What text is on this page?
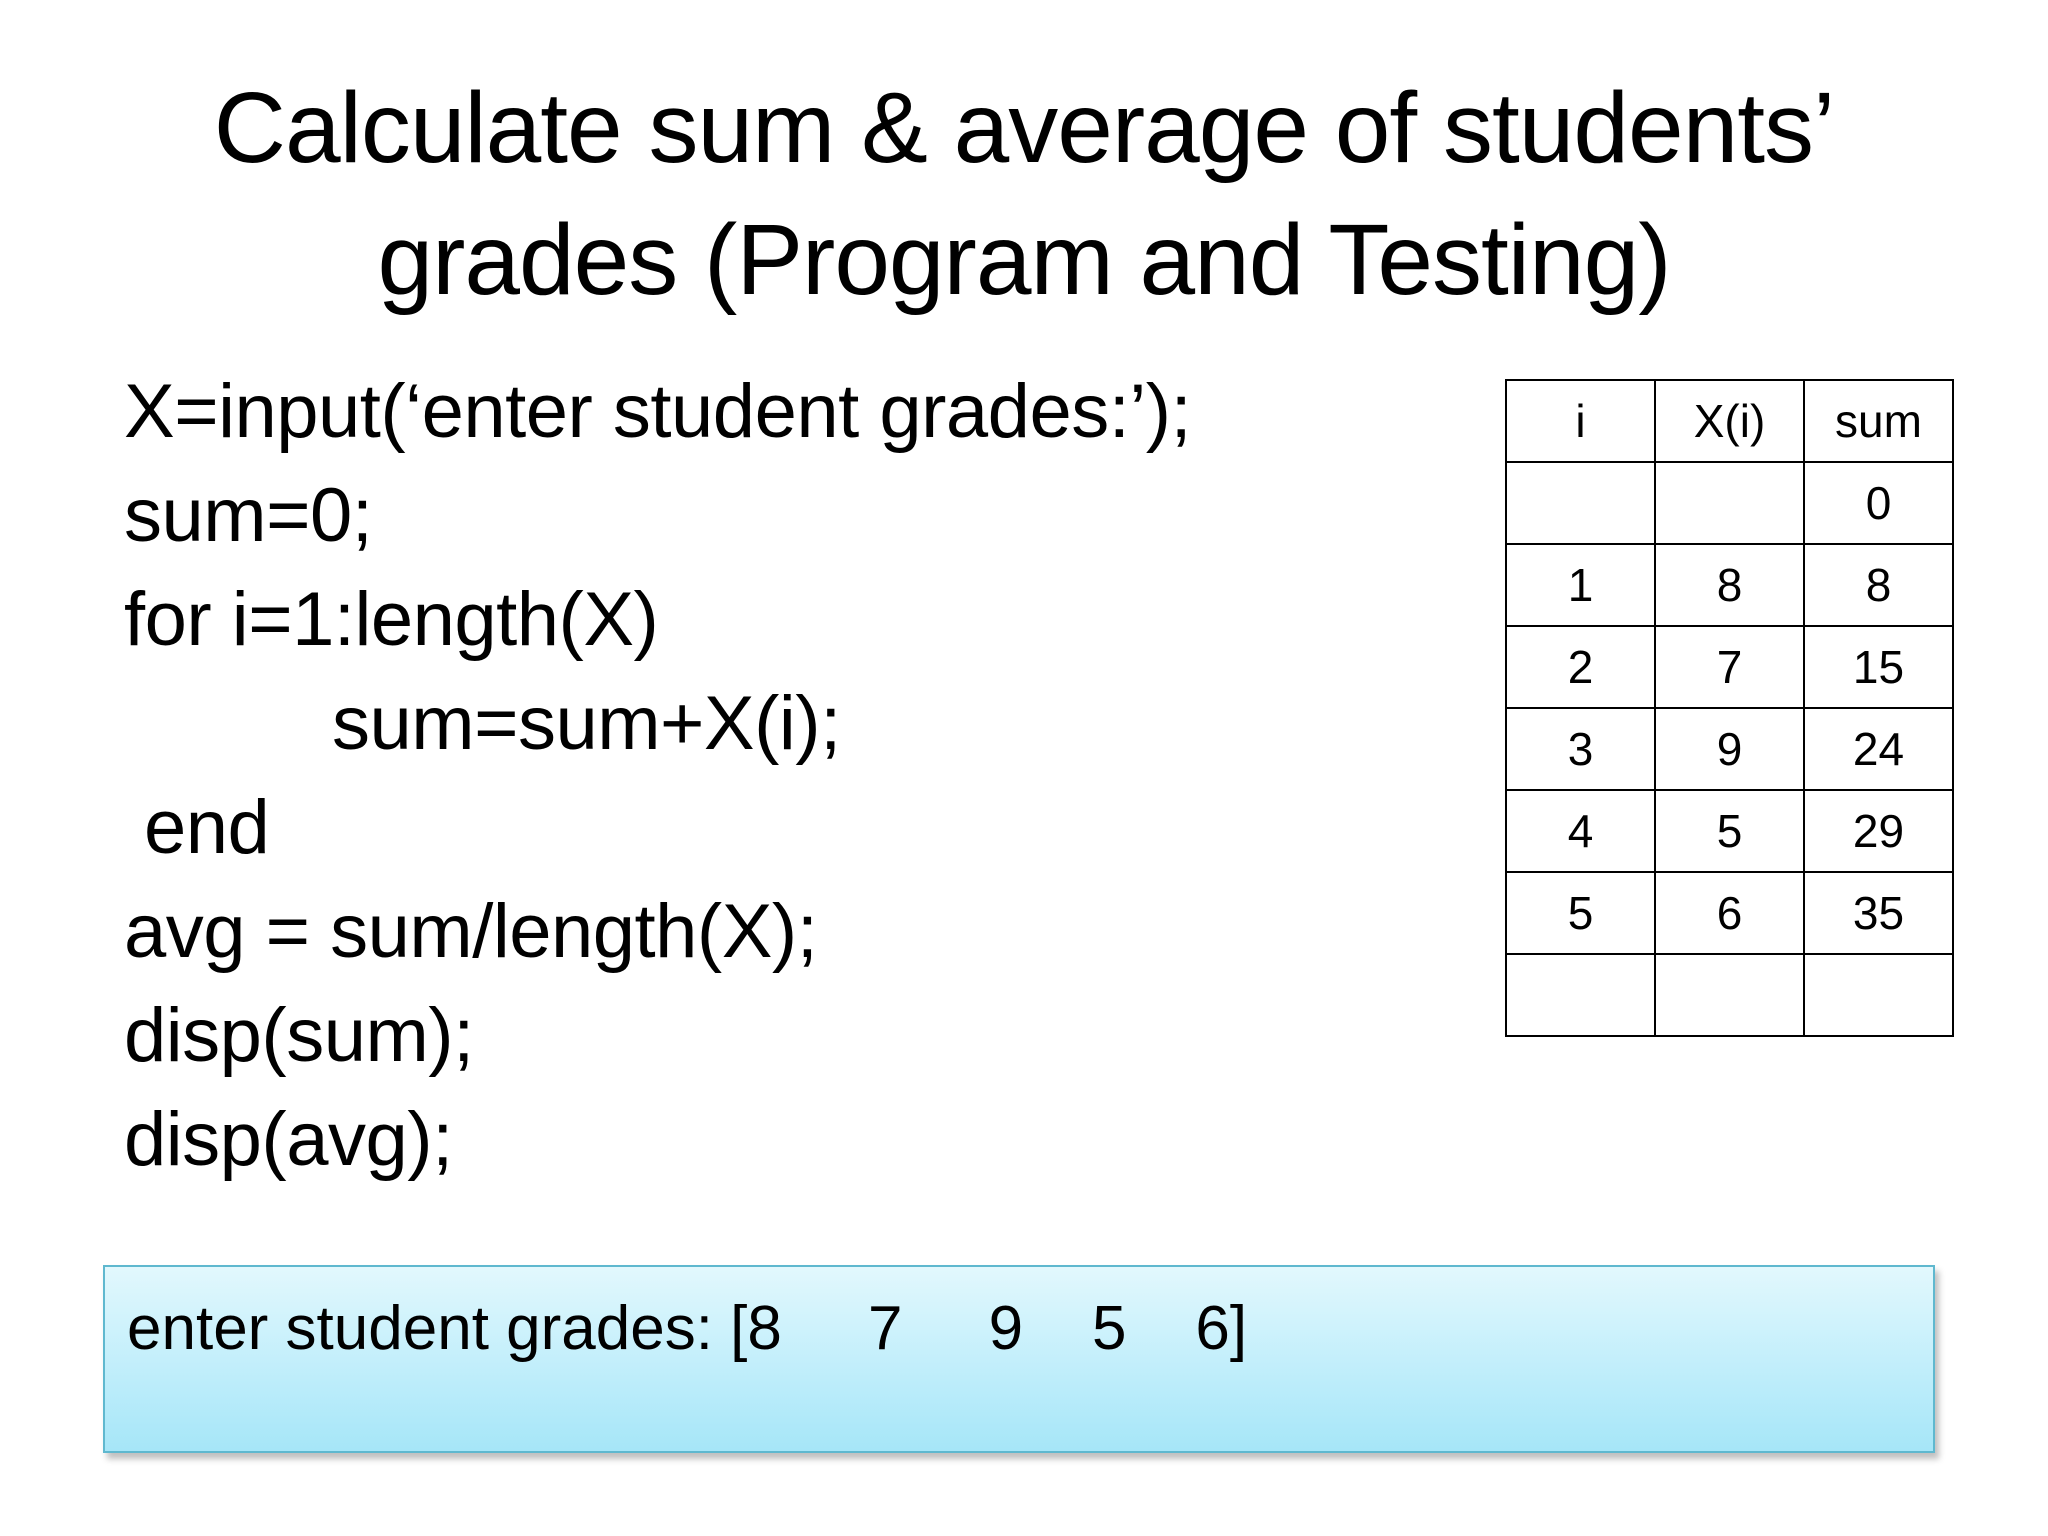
Calculate sum & average of students’
grades (Program and Testing)
X=input(‘enter student grades:’);
sum=0;
for i=1:length(X)
sum=sum+X(i);
end
avg = sum/length(X);
disp(sum);
disp(avg);
i	X(i)	sum
		0
1	8	8
2	7	15
3	9	24
4	5	29
5	6	35

enter student grades: [8     7     9    5    6]
